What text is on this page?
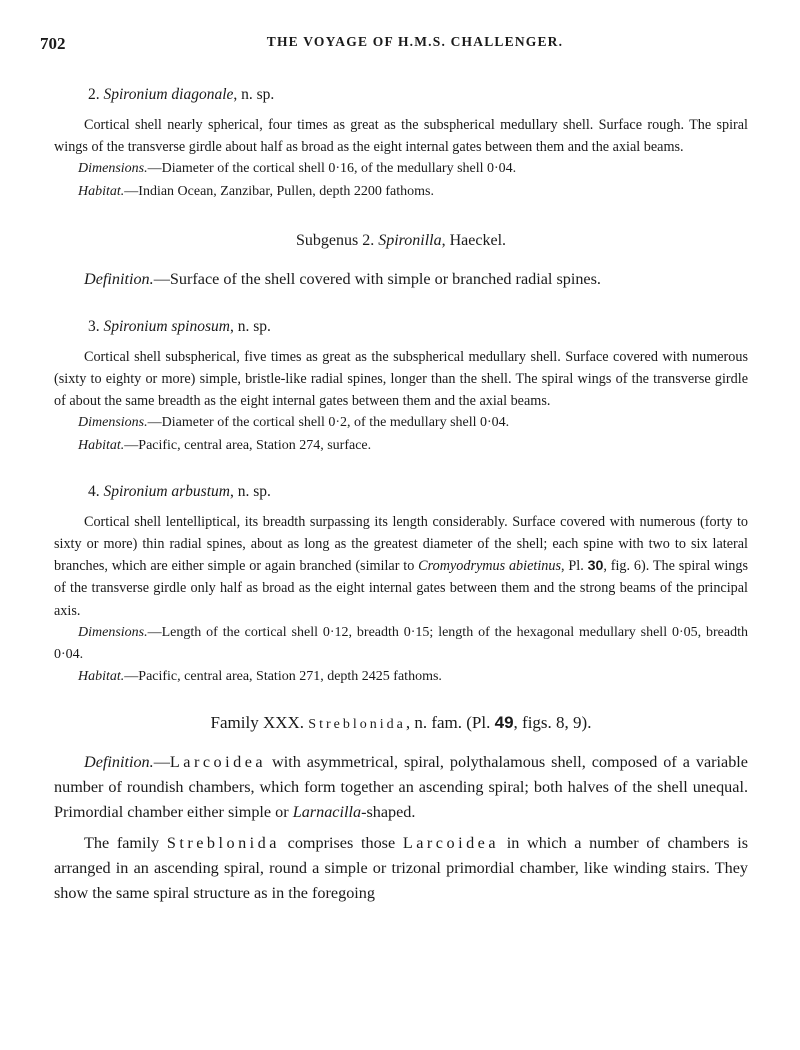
702	THE VOYAGE OF H.M.S. CHALLENGER.
2. Spironium diagonale, n. sp.

Cortical shell nearly spherical, four times as great as the subspherical medullary shell. Surface rough. The spiral wings of the transverse girdle about half as broad as the eight internal gates between them and the axial beams.

Dimensions.—Diameter of the cortical shell 0·16, of the medullary shell 0·04.

Habitat.—Indian Ocean, Zanzibar, Pullen, depth 2200 fathoms.

Subgenus 2. Spironilla, Haeckel.

Definition.—Surface of the shell covered with simple or branched radial spines.

3. Spironium spinosum, n. sp.

Cortical shell subspherical, five times as great as the subspherical medullary shell. Surface covered with numerous (sixty to eighty or more) simple, bristle-like radial spines, longer than the shell. The spiral wings of the transverse girdle of about the same breadth as the eight internal gates between them and the axial beams.

Dimensions.—Diameter of the cortical shell 0·2, of the medullary shell 0·04.

Habitat.—Pacific, central area, Station 274, surface.

4. Spironium arbustum, n. sp.

Cortical shell lentelliptical, its breadth surpassing its length considerably. Surface covered with numerous (forty to sixty or more) thin radial spines, about as long as the greatest diameter of the shell; each spine with two to six lateral branches, which are either simple or again branched (similar to Cromyodrymus abietinus, Pl. 30, fig. 6). The spiral wings of the transverse girdle only half as broad as the eight internal gates between them and the strong beams of the principal axis.

Dimensions.—Length of the cortical shell 0·12, breadth 0·15; length of the hexagonal medullary shell 0·05, breadth 0·04.

Habitat.—Pacific, central area, Station 271, depth 2425 fathoms.

Family XXX. Streblonida, n. fam. (Pl. 49, figs. 8, 9).

Definition.—Larcoidea with asymmetrical, spiral, polythalamous shell, composed of a variable number of roundish chambers, which form together an ascending spiral; both halves of the shell unequal. Primordial chamber either simple or Larnacilla-shaped.

The family Streblonida comprises those Larcoidea in which a number of chambers is arranged in an ascending spiral, round a simple or trizonal primordial chamber, like winding stairs. They show the same spiral structure as in the foregoing
